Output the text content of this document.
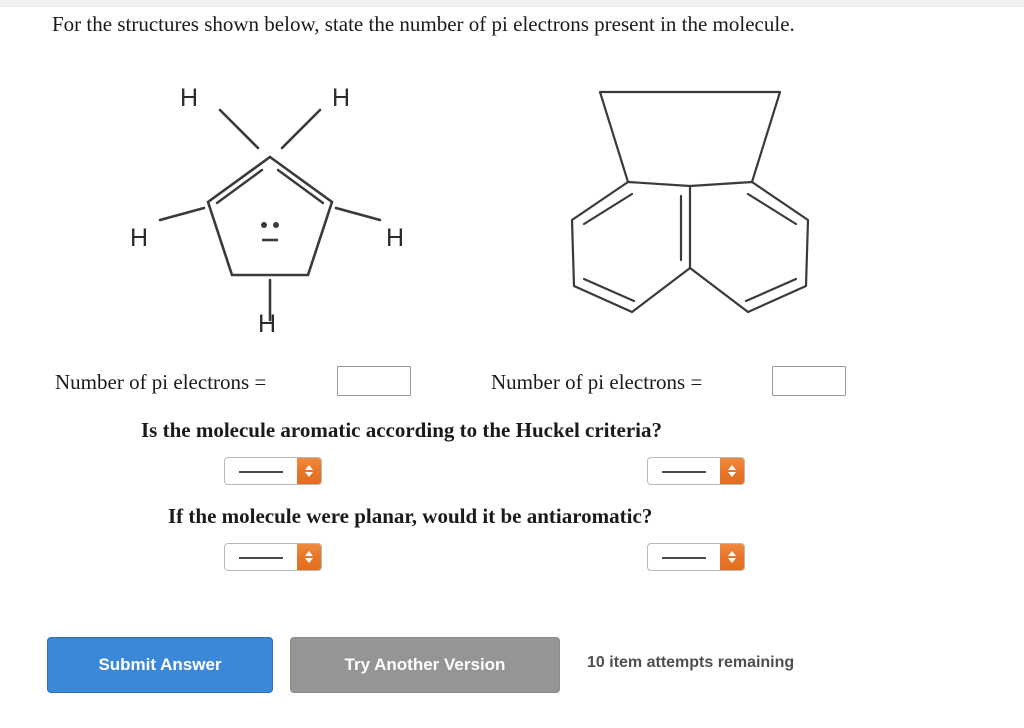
For the structures shown below, state the number of pi electrons present in the molecule.
H	H
H	H
H
Number of pi electrons =	Number of pi electrons =
Is the molecule aromatic according to the Huckel criteria?
If the molecule were planar, would it be antiaromatic?
Submit Answer	Try Another Version	10 item attempts remaining
